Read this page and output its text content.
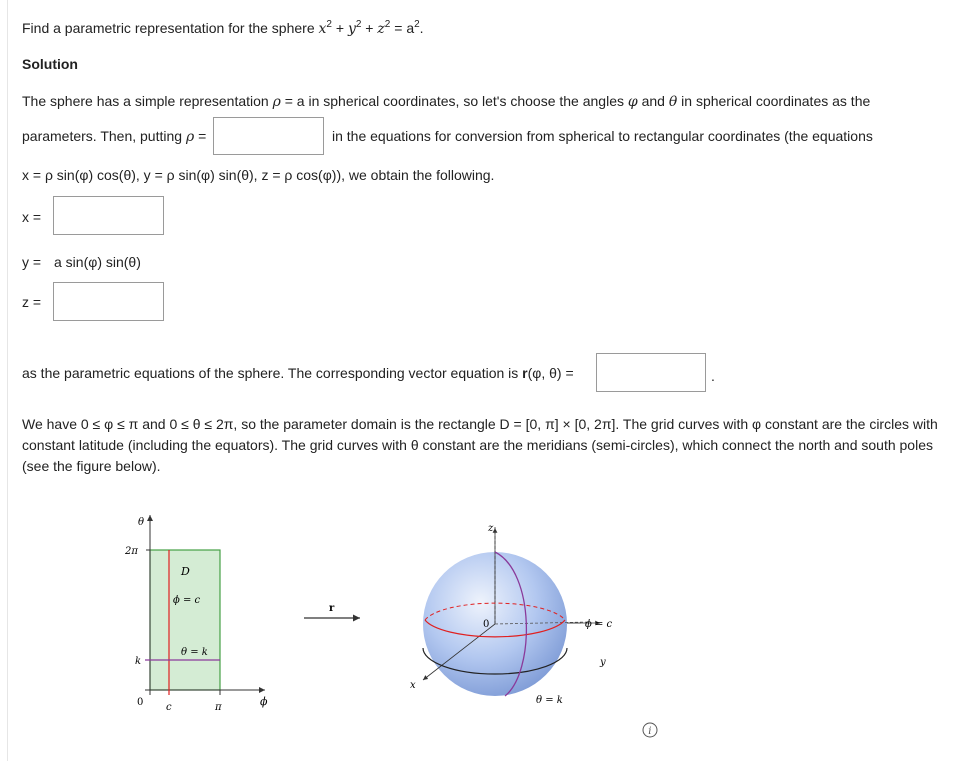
Find a parametric representation for the sphere $x^2 + y^2 + z^2 = a^2$.
Solution
The sphere has a simple representation ρ = a in spherical coordinates, so let's choose the angles φ and θ in spherical coordinates as the
parameters. Then, putting ρ =	in the equations for conversion from spherical to rectangular coordinates (the equations
x = ρ sin(φ) cos(θ), y = ρ sin(φ) sin(θ), z = ρ cos(φ)), we obtain the following.
x =
y = a sin(φ) sin(θ)
z =
as the parametric equations of the sphere. The corresponding vector equation is r(φ, θ) =	.
We have 0 ≤ φ ≤ π and 0 ≤ θ ≤ 2π, so the parameter domain is the rectangle D = [0, π] × [0, 2π]. The grid curves with φ constant are the circles with constant latitude (including the equators). The grid curves with θ constant are the meridians (semi-circles), which connect the north and south poles (see the figure below).
θ
2π
D
ϕ = c
θ = k
k
0 c	π	ϕ
r
z
x
y
0	ϕ = c
θ = k
i
